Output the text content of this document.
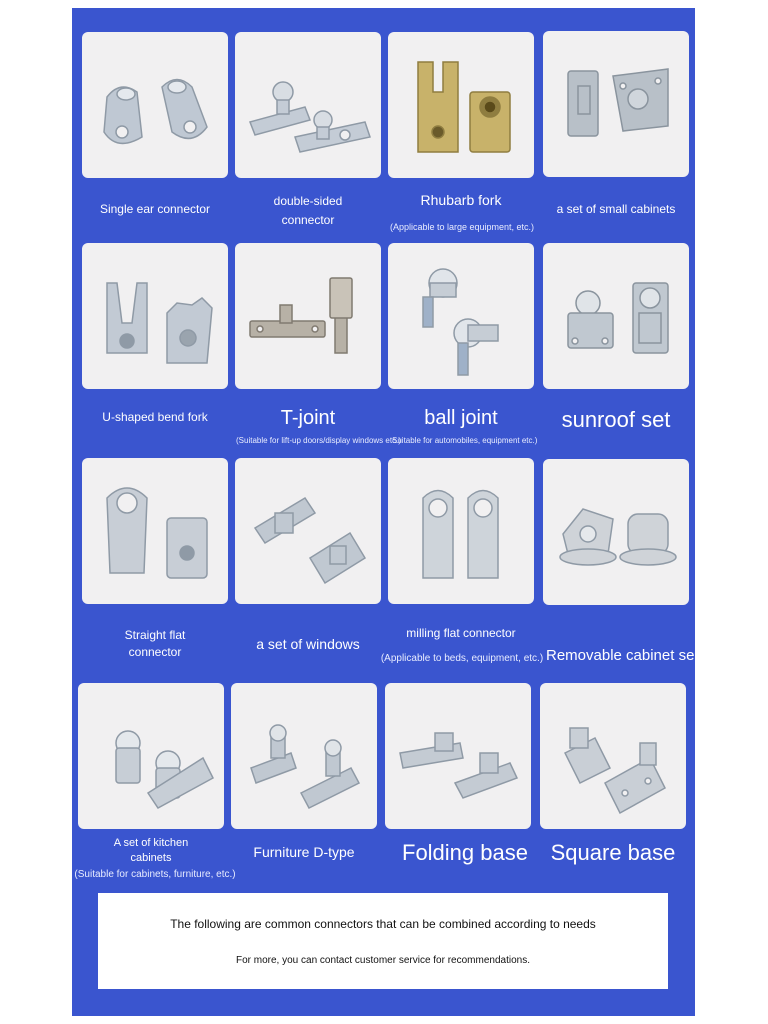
Single ear connector
double-sided
connector
Rhubarb fork
(Applicable to large equipment, etc.)
a set of small cabinets
U-shaped bend fork	T-joint
(Suitable for lift-up doors/display windows etc.)
ball joint
Suitable for automobiles, equipment etc.)
sunroof set
Straight flat
connector	a set of windows
milling flat connector
(Applicable to beds, equipment, etc.) Removable cabinet se
A set of kitchen
cabinets
(Suitable for cabinets, furniture, etc.)
Furniture D-type	Folding base	Square base
The following are common connectors that can be combined according to needs
For more, you can contact customer service for recommendations.
